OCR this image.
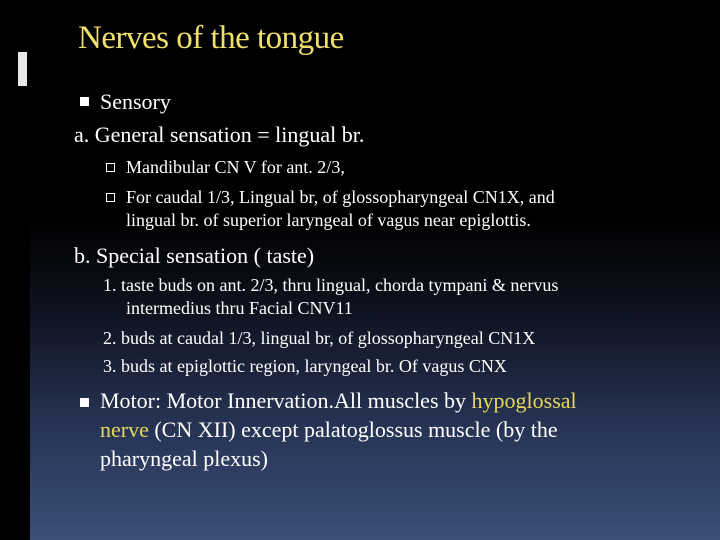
Nerves of the tongue
Sensory
a. General sensation = lingual br.
Mandibular CN V for ant. 2/3,
For caudal 1/3, Lingual br, of glossopharyngeal CN1X, and
lingual br. of superior laryngeal of vagus near epiglottis.
b. Special sensation ( taste)
1. taste buds on ant. 2/3, thru lingual, chorda tympani & nervus
intermedius thru Facial CNV11
2. buds at caudal 1/3, lingual br, of glossopharyngeal CN1X
3. buds at epiglottic region, laryngeal br. Of vagus CNX
Motor: Motor Innervation.All muscles by hypoglossal
nerve (CN XII) except palatoglossus muscle (by the
pharyngeal plexus)
